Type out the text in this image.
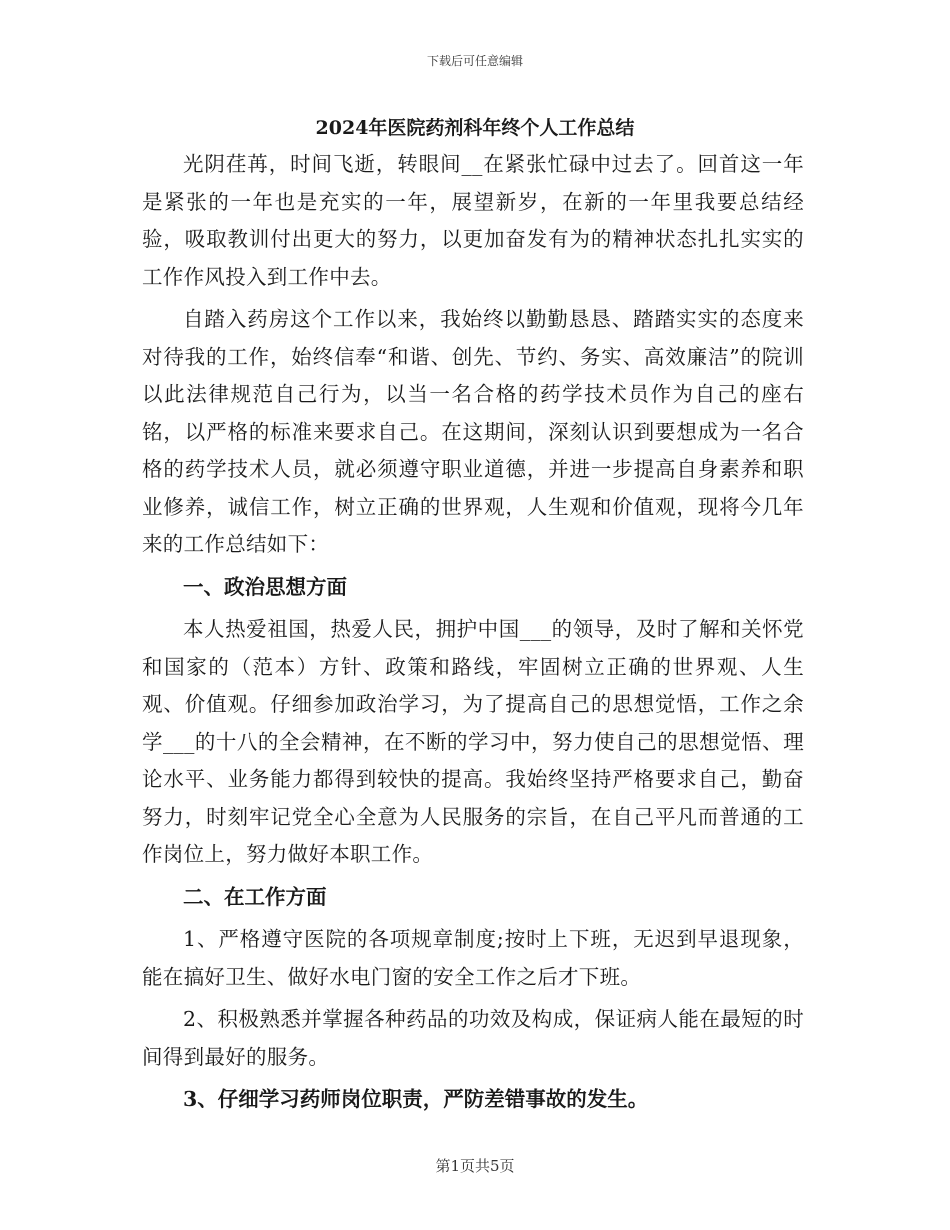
下载后可任意编辑
2024年医院药剂科年终个人工作总结

光阴荏苒，时间飞逝，转眼间__在紧张忙碌中过去了。回首这一年是紧张的一年也是充实的一年，展望新岁，在新的一年里我要总结经验，吸取教训付出更大的努力，以更加奋发有为的精神状态扎扎实实的工作作风投入到工作中去。

自踏入药房这个工作以来，我始终以勤勤恳恳、踏踏实实的态度来对待我的工作，始终信奉“和谐、创先、节约、务实、高效廉洁”的院训以此法律规范自己行为，以当一名合格的药学技术员作为自己的座右铭，以严格的标准来要求自己。在这期间，深刻认识到要想成为一名合格的药学技术人员，就必须遵守职业道德，并进一步提高自身素养和职业修养，诚信工作，树立正确的世界观，人生观和价值观，现将今几年来的工作总结如下：

一、政治思想方面

本人热爱祖国，热爱人民，拥护中国___的领导，及时了解和关怀党和国家的（范本）方针、政策和路线，牢固树立正确的世界观、人生观、价值观。仔细参加政治学习，为了提高自己的思想觉悟，工作之余学___的十八的全会精神，在不断的学习中，努力使自己的思想觉悟、理论水平、业务能力都得到较快的提高。我始终坚持严格要求自己，勤奋努力，时刻牢记党全心全意为人民服务的宗旨，在自己平凡而普通的工作岗位上，努力做好本职工作。

二、在工作方面

1、严格遵守医院的各项规章制度;按时上下班，无迟到早退现象，能在搞好卫生、做好水电门窗的安全工作之后才下班。

2、积极熟悉并掌握各种药品的功效及构成，保证病人能在最短的时间得到最好的服务。

3、仔细学习药师岗位职责，严防差错事故的发生。

第1页共5页
